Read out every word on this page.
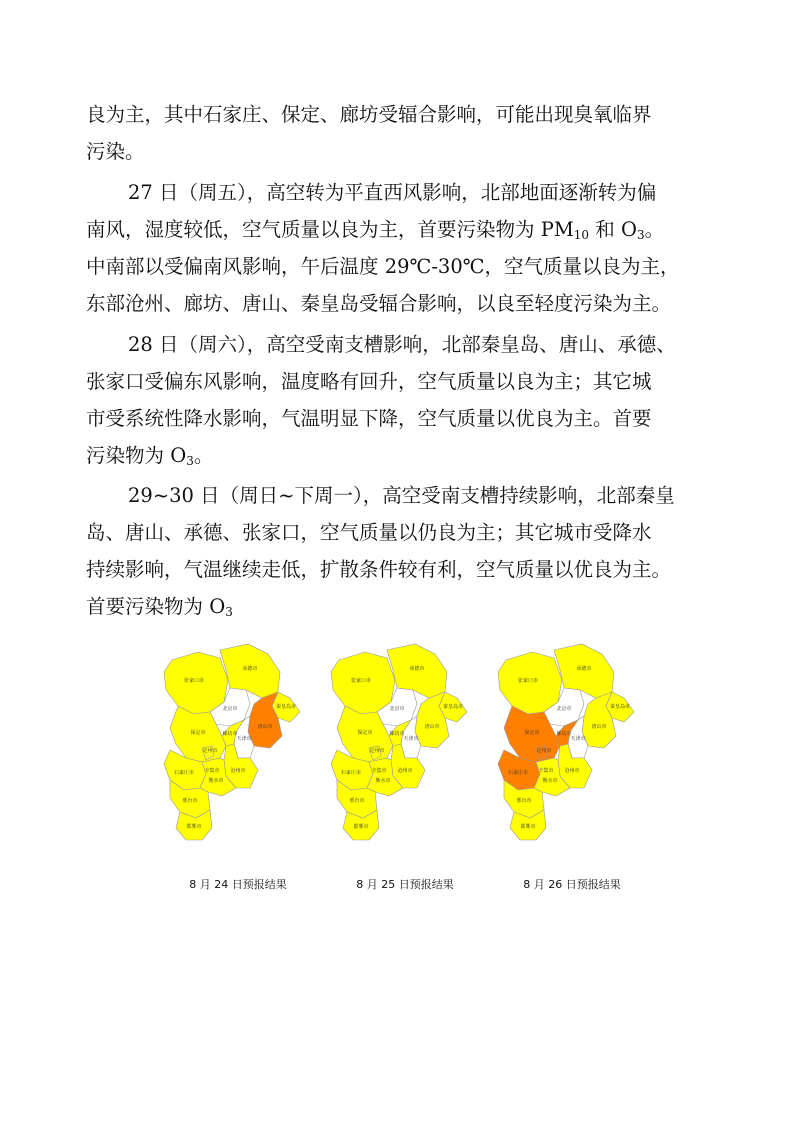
良为主，其中石家庄、保定、廊坊受辐合影响，可能出现臭氧临界
污染。

27 日（周五），高空转为平直西风影响，北部地面逐渐转为偏
南风，湿度较低，空气质量以良为主，首要污染物为 $PM_{10}$ 和 $O_3$。
中南部以受偏南风影响，午后温度 29℃-30℃，空气质量以良为主，
东部沧州、廊坊、唐山、秦皇岛受辐合影响，以良至轻度污染为主。

28 日（周六），高空受南支槽影响，北部秦皇岛、唐山、承德、
张家口受偏东风影响，温度略有回升，空气质量以良为主；其它城
市受系统性降水影响，气温明显下降，空气质量以优良为主。首要
污染物为 $O_3$。

29~30 日（周日~下周一），高空受南支槽持续影响，北部秦皇
岛、唐山、承德、张家口，空气质量以仍良为主；其它城市受降水
持续影响，气温继续走低，扩散条件较有利，空气质量以优良为主。
首要污染物为 $O_3$

张家口市
承德市
北京市	秦皇岛市
唐山市
天津市
廊坊市
保定市
定州市
沧州市
石家庄市 辛集市
衡水市
邢台市
邯郸市
张家口市
承德市
北京市	秦皇岛市
唐山市
天津市
廊坊市
保定市
定州市
沧州市
石家庄市 辛集市
衡水市
邢台市
邯郸市
张家口市
承德市
北京市	秦皇岛市
唐山市
天津市
廊坊市
保定市
定州市
沧州市
石家庄市 辛集市
衡水市
邢台市
邯郸市
8 月 24 日预报结果	8 月 25 日预报结果	8 月 26 日预报结果
